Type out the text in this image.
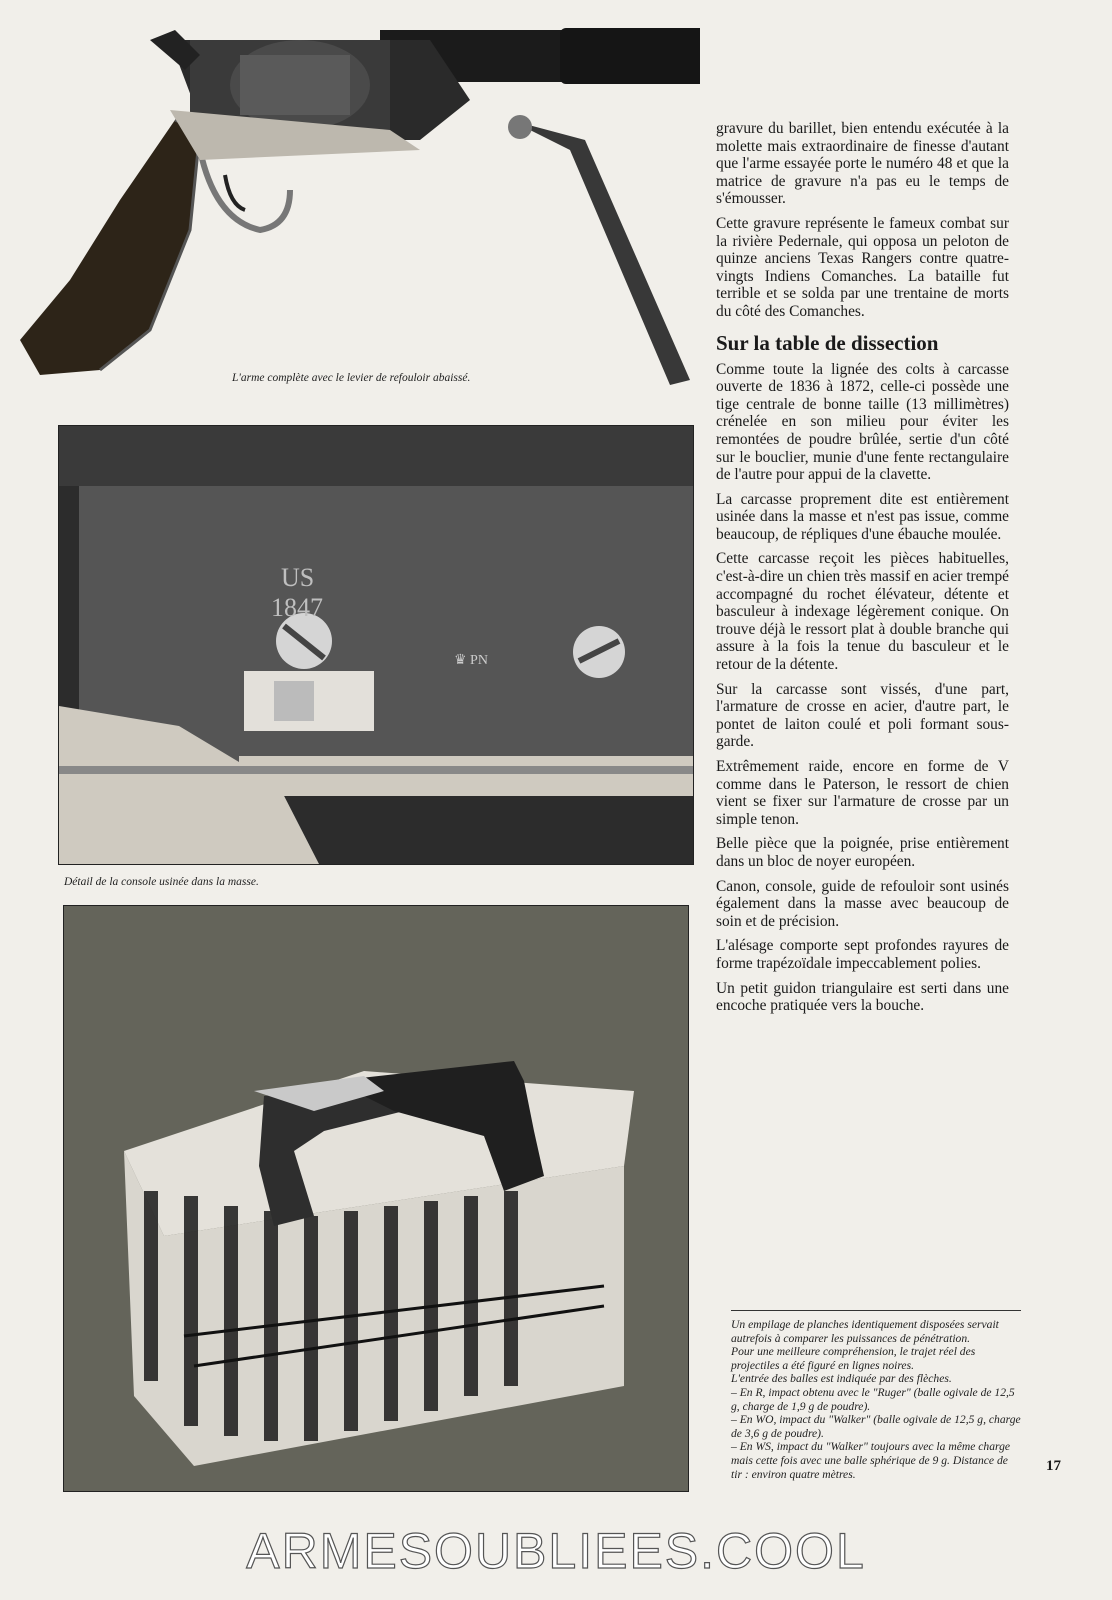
L'arme complète avec le levier de refouloir abaissé.
♛ PN
US
1847
Détail de la console usinée dans la masse.

gravure du barillet, bien entendu exécutée à la molette mais extraordinaire de finesse d'autant que l'arme essayée porte le numéro 48 et que la matrice de gravure n'a pas eu le temps de s'émousser.

Cette gravure représente le fameux combat sur la rivière Pedernale, qui opposa un peloton de quinze anciens Texas Rangers contre quatre-vingts Indiens Comanches. La bataille fut terrible et se solda par une trentaine de morts du côté des Comanches.

Sur la table de dissection

Comme toute la lignée des colts à carcasse ouverte de 1836 à 1872, celle-ci possède une tige centrale de bonne taille (13 millimètres) crénelée en son milieu pour éviter les remontées de poudre brûlée, sertie d'un côté sur le bouclier, munie d'une fente rectangulaire de l'autre pour appui de la clavette.

La carcasse proprement dite est entièrement usinée dans la masse et n'est pas issue, comme beaucoup, de répliques d'une ébauche moulée.

Cette carcasse reçoit les pièces habituelles, c'est-à-dire un chien très massif en acier trempé accompagné du rochet élévateur, détente et basculeur à indexage légèrement conique. On trouve déjà le ressort plat à double branche qui assure à la fois la tenue du basculeur et le retour de la détente.

Sur la carcasse sont vissés, d'une part, l'armature de crosse en acier, d'autre part, le pontet de laiton coulé et poli formant sous-garde.

Extrêmement raide, encore en forme de V comme dans le Paterson, le ressort de chien vient se fixer sur l'armature de crosse par un simple tenon.

Belle pièce que la poignée, prise entièrement dans un bloc de noyer européen.

Canon, console, guide de refouloir sont usinés également dans la masse avec beaucoup de soin et de précision.

L'alésage comporte sept profondes rayures de forme trapézoïdale impeccablement polies.

Un petit guidon triangulaire est serti dans une encoche pratiquée vers la bouche.

Un empilage de planches identiquement disposées servait autrefois à comparer les puissances de pénétration.
Pour une meilleure compréhension, le trajet réel des projectiles a été figuré en lignes noires.
L'entrée des balles est indiquée par des flèches.
– En R, impact obtenu avec le "Ruger" (balle ogivale de 12,5 g, charge de 1,9 g de poudre).
– En WO, impact du "Walker" (balle ogivale de 12,5 g, charge de 3,6 g de poudre).
– En WS, impact du "Walker" toujours avec la même charge mais cette fois avec une balle sphérique de 9 g. Distance de tir : environ quatre mètres.
17
ARMESOUBLIEES.COOL
